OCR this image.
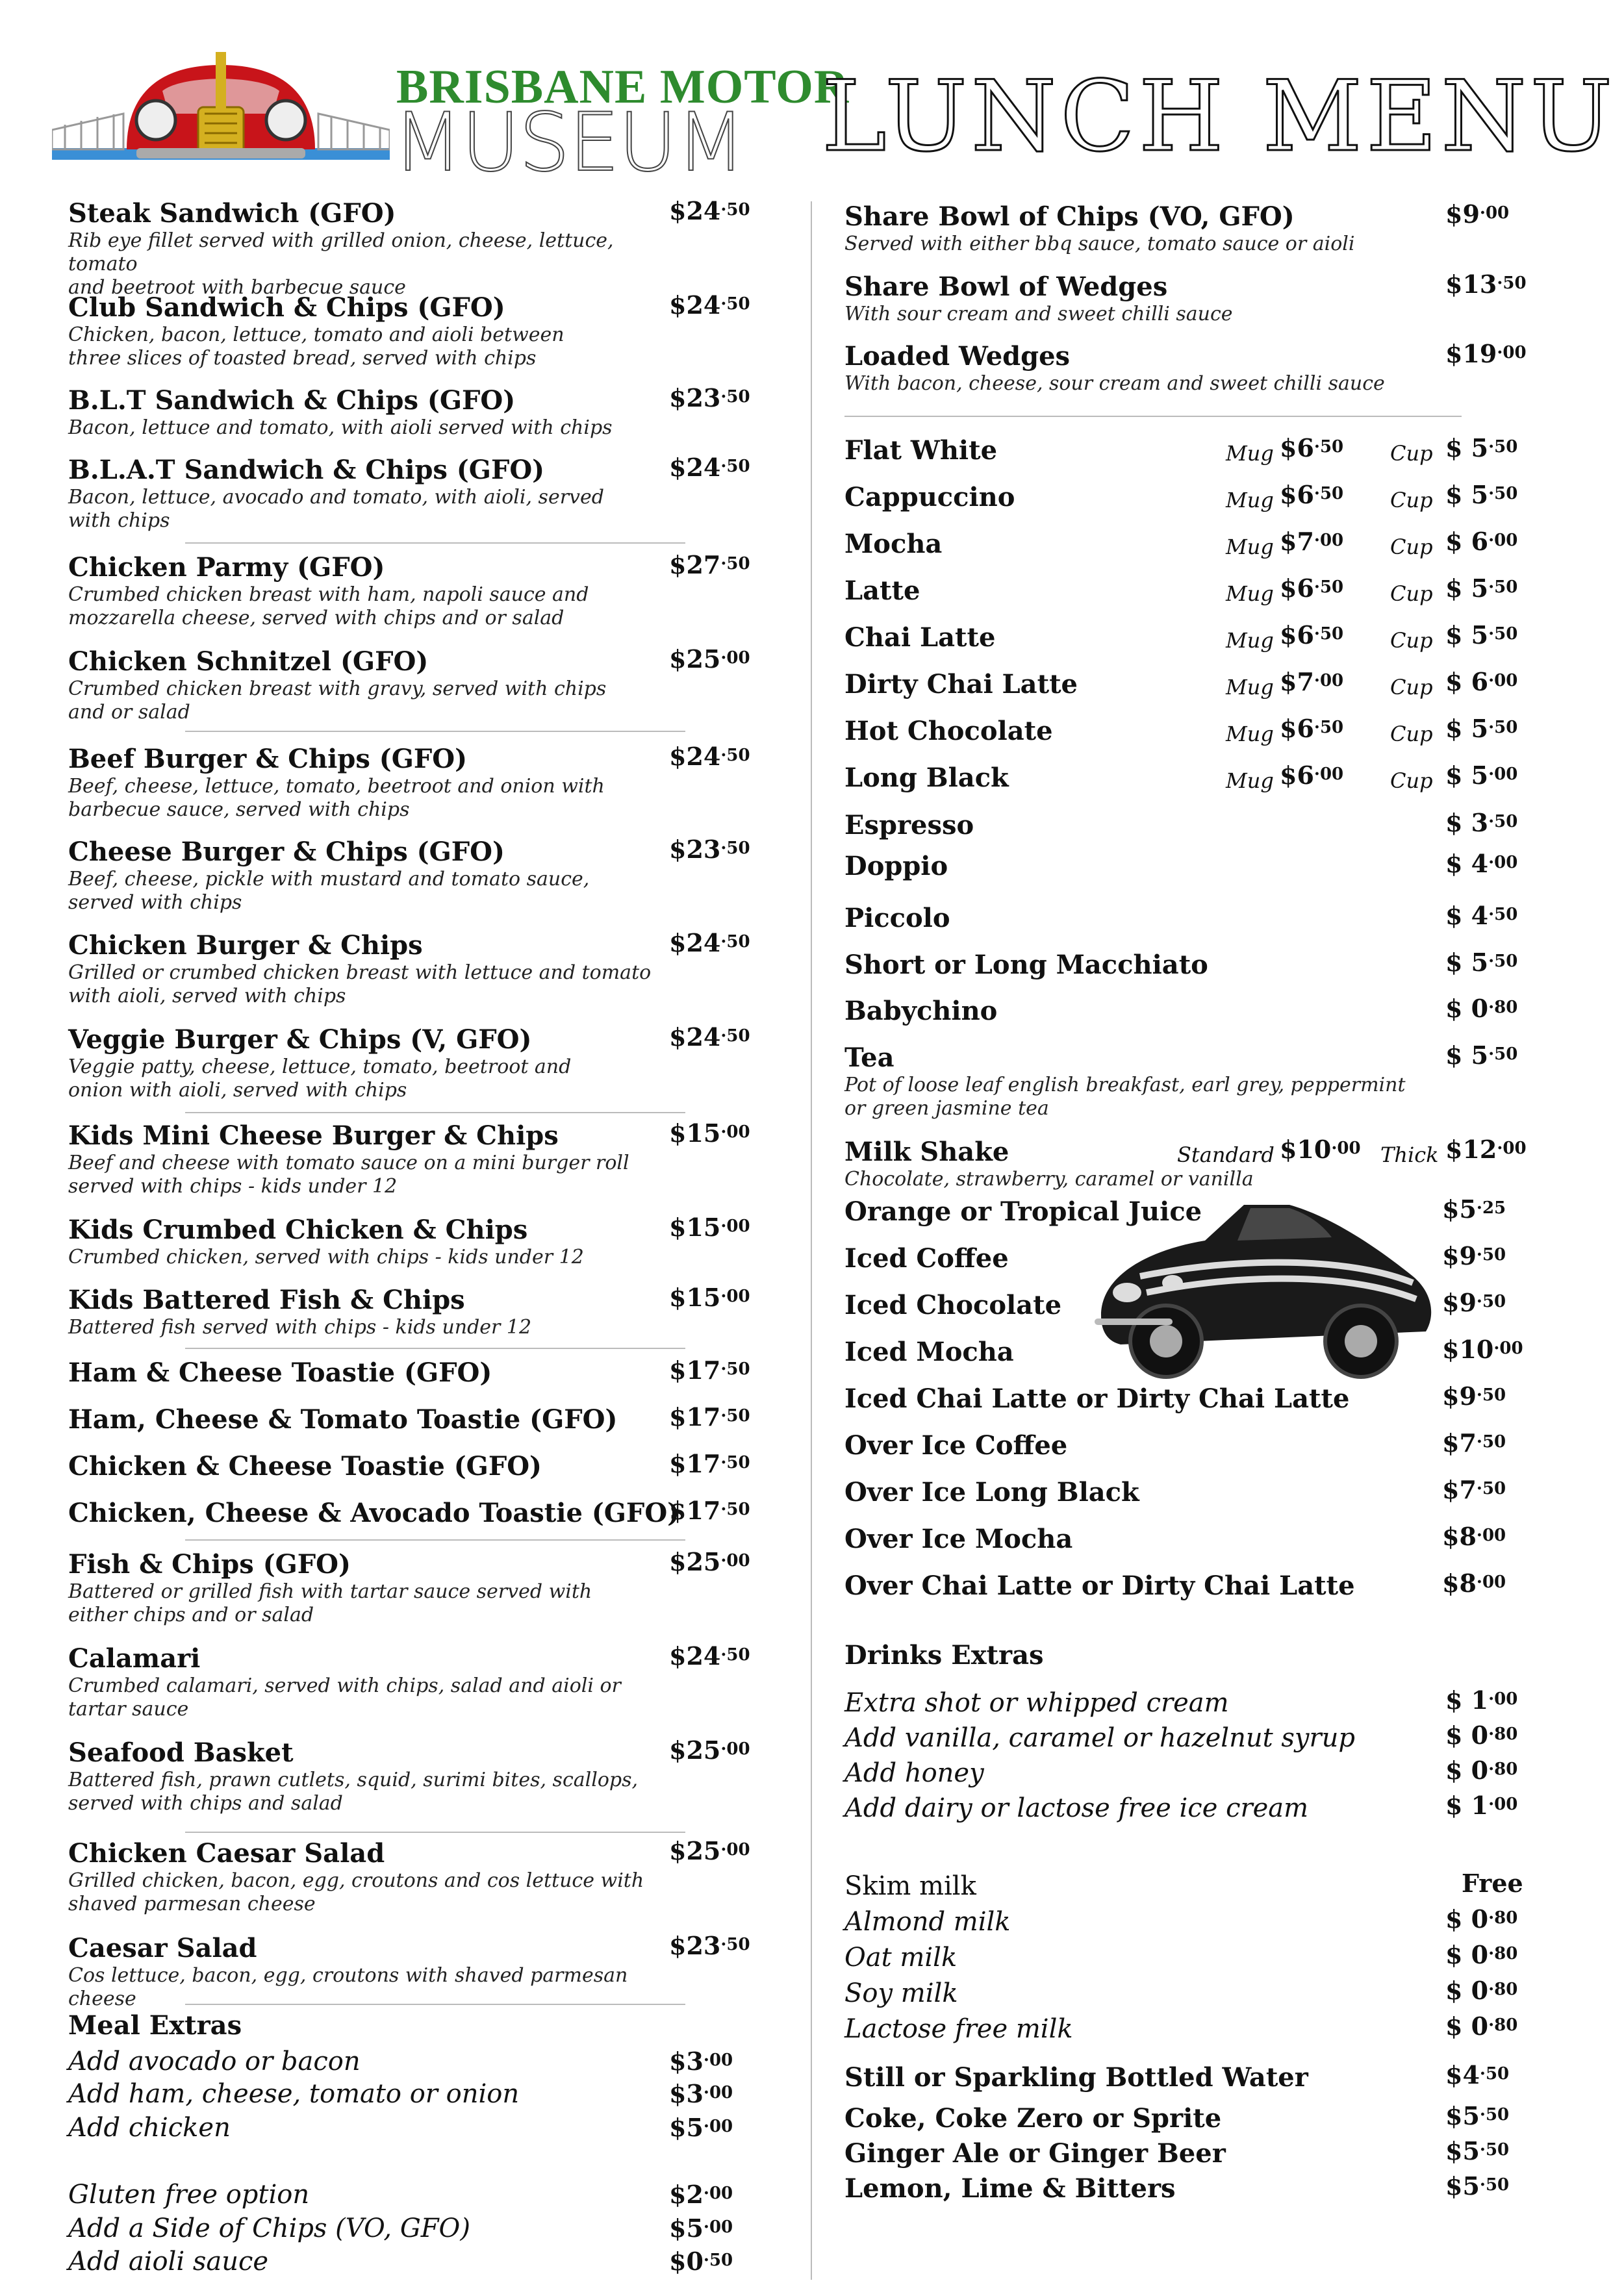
BRISBANE MOTOR
MUSEUM LUNCH MENU
Steak Sandwich (GFO)
Rib eye fillet served with grilled onion, cheese, lettuce, tomato
and beetroot with barbecue sauce
$\$24^{\cdot 50}$
Club Sandwich & Chips (GFO)
Chicken, bacon, lettuce, tomato and aioli between
three slices of toasted bread, served with chips
$\$24^{\cdot 50}$
B.L.T Sandwich & Chips (GFO)
Bacon, lettuce and tomato, with aioli served with chips
$\$23^{\cdot 50}$
B.L.A.T Sandwich & Chips (GFO)
Bacon, lettuce, avocado and tomato, with aioli, served
with chips
$\$24^{\cdot 50}$
Chicken Parmy (GFO)
Crumbed chicken breast with ham, napoli sauce and
mozzarella cheese, served with chips and or salad
$\$27^{\cdot 50}$
Chicken Schnitzel (GFO)
Crumbed chicken breast with gravy, served with chips
and or salad
$\$25^{\cdot 00}$
Beef Burger & Chips (GFO)
Beef, cheese, lettuce, tomato, beetroot and onion with
barbecue sauce, served with chips
$\$24^{\cdot 50}$
Cheese Burger & Chips (GFO)
Beef, cheese, pickle with mustard and tomato sauce,
served with chips
$\$23^{\cdot 50}$
Chicken Burger & Chips
Grilled or crumbed chicken breast with lettuce and tomato
with aioli, served with chips
$\$24^{\cdot 50}$
Veggie Burger & Chips (V, GFO)
Veggie patty, cheese, lettuce, tomato, beetroot and
onion with aioli, served with chips
$\$24^{\cdot 50}$
Kids Mini Cheese Burger & Chips
Beef and cheese with tomato sauce on a mini burger roll
served with chips - kids under 12
$\$15^{\cdot 00}$
Kids Crumbed Chicken & Chips
Crumbed chicken, served with chips - kids under 12
$\$15^{\cdot 00}$
Kids Battered Fish & Chips
Battered fish served with chips - kids under 12
$\$15^{\cdot 00}$
Ham & Cheese Toastie (GFO)	$\$17^{\cdot 50}$
Ham, Cheese & Tomato Toastie (GFO)	$\$17^{\cdot 50}$
Chicken & Cheese Toastie (GFO)	$\$17^{\cdot 50}$
Chicken, Cheese & Avocado Toastie (GFO)
$\$17^{\cdot 50}$
Fish & Chips (GFO)
Battered or grilled fish with tartar sauce served with
either chips and or salad
$\$25^{\cdot 00}$
Calamari
Crumbed calamari, served with chips, salad and aioli or
tartar sauce
$\$24^{\cdot 50}$
Seafood Basket
Battered fish, prawn cutlets, squid, surimi bites, scallops,
served with chips and salad
$\$25^{\cdot 00}$
Chicken Caesar Salad
Grilled chicken, bacon, egg, croutons and cos lettuce with
shaved parmesan cheese
$\$25^{\cdot 00}$
Caesar Salad
Cos lettuce, bacon, egg, croutons with shaved parmesan cheese
$\$23^{\cdot 50}$
Meal Extras
Add avocado or bacon	$\$3^{\cdot 00}$
Add ham, cheese, tomato or onion	$\$3^{\cdot 00}$
Add chicken	$\$5^{\cdot 00}$
Gluten free option	$\$2^{\cdot 00}$
Add a Side of Chips (VO, GFO)	$\$5^{\cdot 00}$
Add aioli sauce	$\$0^{\cdot 50}$
Share Bowl of Chips (VO, GFO)
Served with either bbq sauce, tomato sauce or aioli
$\$9^{\cdot 00}$
Share Bowl of Wedges
With sour cream and sweet chilli sauce
$\$13^{\cdot 50}$
Loaded Wedges
With bacon, cheese, sour cream and sweet chilli sauce
$\$19^{\cdot 00}$
Flat White	Mug $\$6^{\cdot 50}$ Cup $ $5^{\cdot 50}$
Cappuccino	Mug $\$6^{\cdot 50}$ Cup $ $5^{\cdot 50}$
Mocha	Mug $\$7^{\cdot 00}$ Cup $ $6^{\cdot 00}$
Latte	Mug $\$6^{\cdot 50}$ Cup $ $5^{\cdot 50}$
Chai Latte	Mug $\$6^{\cdot 50}$ Cup $ $5^{\cdot 50}$
Dirty Chai Latte	Mug $\$7^{\cdot 00}$ Cup $ $6^{\cdot 00}$
Hot Chocolate	Mug $\$6^{\cdot 50}$ Cup $ $5^{\cdot 50}$
Long Black	Mug $\$6^{\cdot 00}$ Cup $ $5^{\cdot 00}$
Espresso	$ $3^{\cdot 50}$
Doppio	$ $4^{\cdot 00}$
Piccolo	$ $4^{\cdot 50}$
Short or Long Macchiato	$ $5^{\cdot 50}$
Babychino	$ $0^{\cdot 80}$
Tea
Pot of loose leaf english breakfast, earl grey, peppermint
or green jasmine tea
$ $5^{\cdot 50}$
Milk Shake
Chocolate, strawberry, caramel or vanilla
Standard $\$10^{\cdot 00}$ Thick $\$12^{\cdot 00}$
Orange or Tropical Juice	$\$5^{\cdot 25}$
Iced Coffee	$\$9^{\cdot 50}$
Iced Chocolate	$\$9^{\cdot 50}$
Iced Mocha	$\$10^{\cdot 00}$
Iced Chai Latte or Dirty Chai Latte	$\$9^{\cdot 50}$
Over Ice Coffee	$\$7^{\cdot 50}$
Over Ice Long Black	$\$7^{\cdot 50}$
Over Ice Mocha	$\$8^{\cdot 00}$
Over Chai Latte or Dirty Chai Latte	$\$8^{\cdot 00}$
Drinks Extras
Extra shot or whipped cream	$ $1^{\cdot 00}$
Add vanilla, caramel or hazelnut syrup	$ $0^{\cdot 80}$
Add honey	$ $0^{\cdot 80}$
Add dairy or lactose free ice cream	$ $1^{\cdot 00}$
Skim milk	Free
Almond milk	$ $0^{\cdot 80}$
Oat milk	$ $0^{\cdot 80}$
Soy milk	$ $0^{\cdot 80}$
Lactose free milk	$ $0^{\cdot 80}$
Still or Sparkling Bottled Water	$\$4^{\cdot 50}$
Coke, Coke Zero or Sprite	$\$5^{\cdot 50}$
Ginger Ale or Ginger Beer	$\$5^{\cdot 50}$
Lemon, Lime & Bitters	$\$5^{\cdot 50}$
